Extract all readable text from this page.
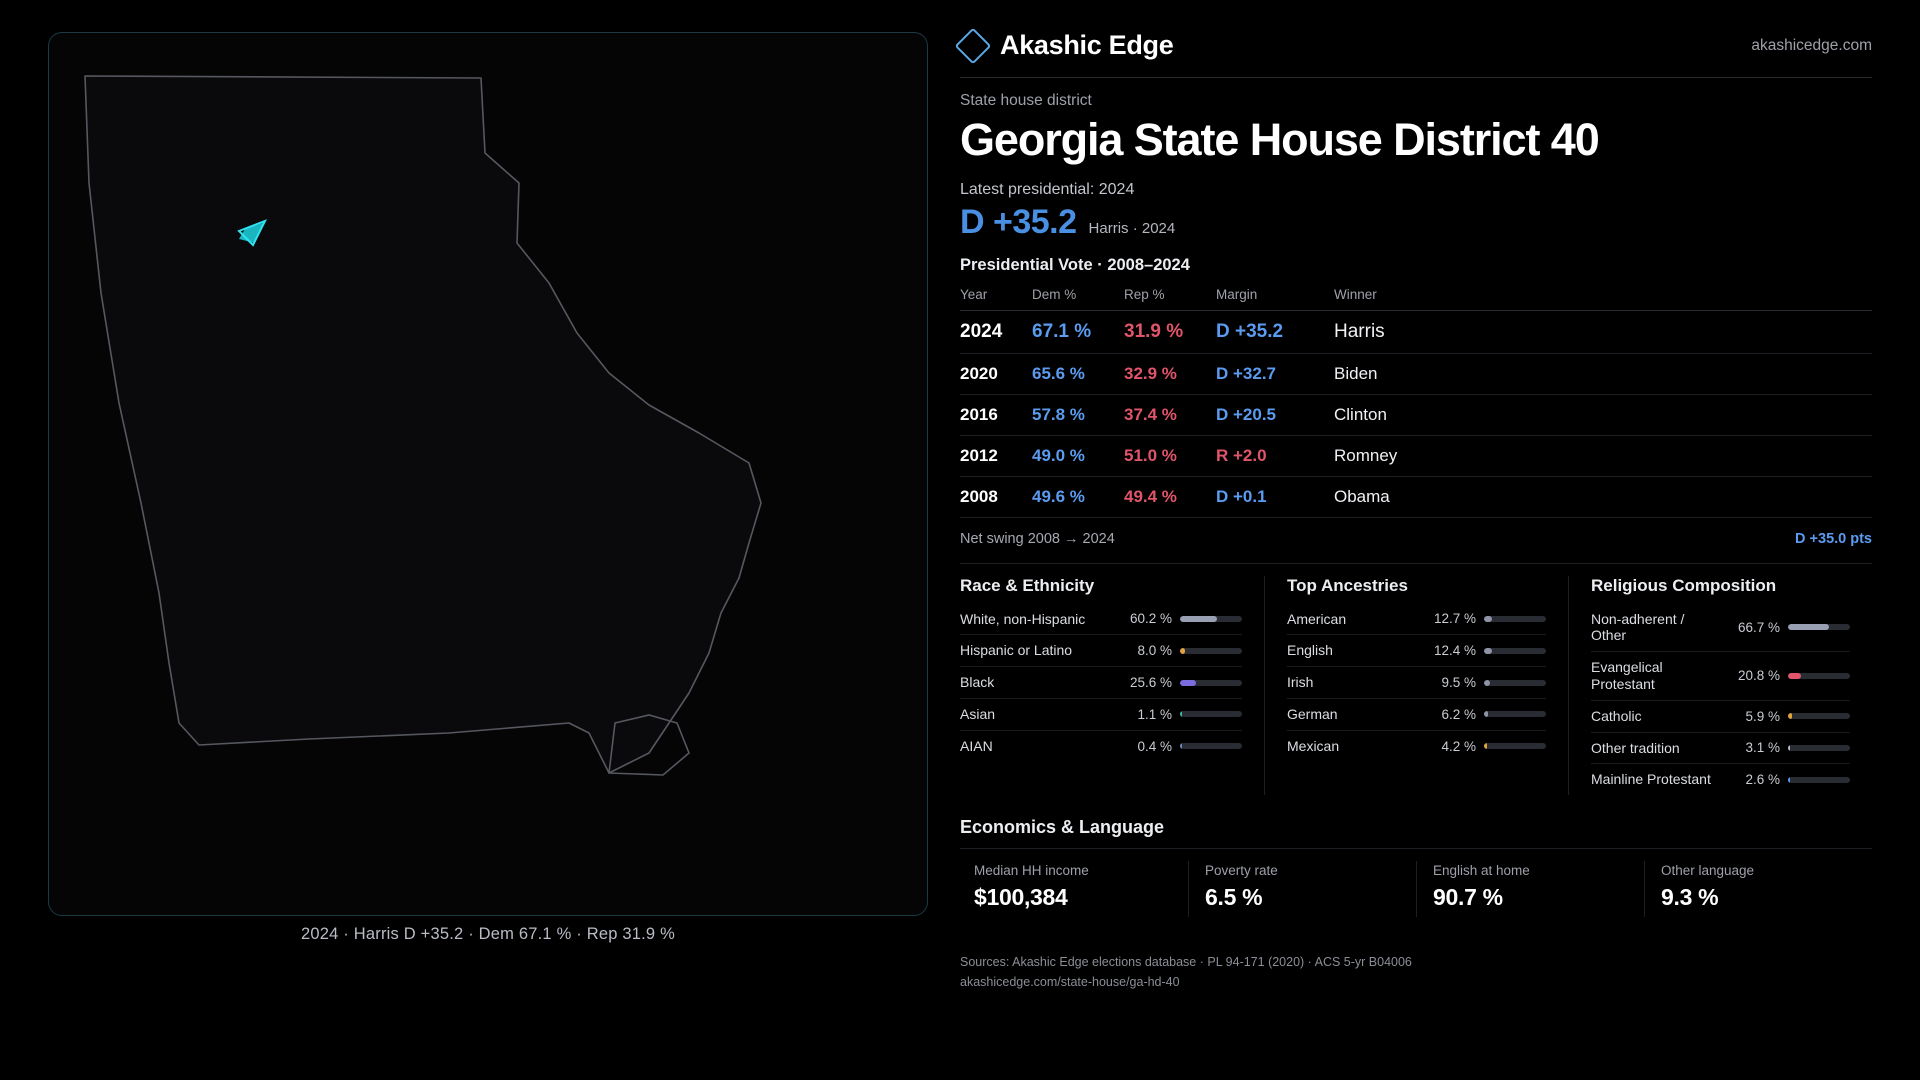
2024 · Harris D +35.2 · Dem 67.1 % · Rep 31.9 %
Akashic Edge	akashicedge.com
State house district
Georgia State House District 40
Latest presidential: 2024
D +35.2 Harris · 2024
Presidential Vote · 2008–2024
Year	Dem %	Rep %	Margin	Winner
2024	67.1 %	31.9 %	D +35.2	Harris
2020	65.6 %	32.9 %	D +32.7	Biden
2016	57.8 %	37.4 %	D +20.5	Clinton
2012	49.0 %	51.0 %	R +2.0	Romney
2008	49.6 %	49.4 %	D +0.1	Obama
Net swing 2008 → 2024	D +35.0 pts
Race & Ethnicity
White, non-Hispanic	60.2 %
Hispanic or Latino	8.0 %
Black	25.6 %
Asian	1.1 %
AIAN	0.4 %
Top Ancestries
American	12.7 %
English	12.4 %
Irish	9.5 %
German	6.2 %
Mexican	4.2 %
Religious Composition
Non-adherent / Other	66.7 %
Evangelical Protestant	20.8 %
Catholic	5.9 %
Other tradition	3.1 %
Mainline Protestant	2.6 %
Economics & Language
Median HH income
$100,384
Poverty rate
6.5 %
English at home
90.7 %
Other language
9.3 %
Sources: Akashic Edge elections database · PL 94-171 (2020) · ACS 5-yr B04006
akashicedge.com/state-house/ga-hd-40
